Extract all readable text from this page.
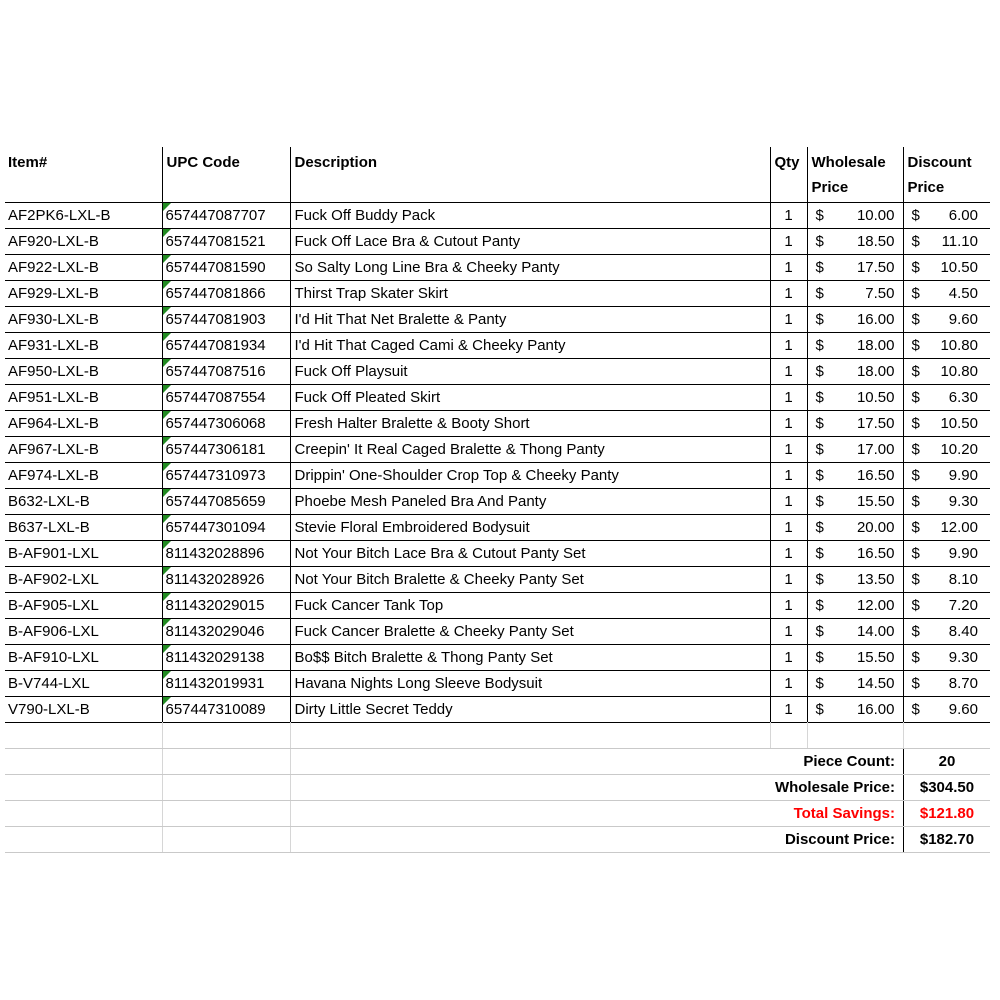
Item#	UPC Code	Description	Qty	Wholesale Price	Discount Price
AF2PK6-LXL-B	657447087707	Fuck Off Buddy Pack	1	$ 10.00	$ 6.00

AF920-LXL-B	657447081521	Fuck Off Lace Bra & Cutout Panty	1	$ 18.50	$ 11.10

AF922-LXL-B	657447081590	So Salty Long Line Bra & Cheeky Panty	1	$ 17.50	$ 10.50

AF929-LXL-B	657447081866	Thirst Trap Skater Skirt	1	$ 7.50	$ 4.50

AF930-LXL-B	657447081903	I'd Hit That Net Bralette & Panty	1	$ 16.00	$ 9.60

AF931-LXL-B	657447081934	I'd Hit That Caged Cami & Cheeky Panty	1	$ 18.00	$ 10.80

AF950-LXL-B	657447087516	Fuck Off Playsuit	1	$ 18.00	$ 10.80

AF951-LXL-B	657447087554	Fuck Off Pleated Skirt	1	$ 10.50	$ 6.30

AF964-LXL-B	657447306068	Fresh Halter Bralette & Booty Short	1	$ 17.50	$ 10.50

AF967-LXL-B	657447306181	Creepin' It Real Caged Bralette & Thong Panty	1	$ 17.00	$ 10.20

AF974-LXL-B	657447310973	Drippin' One-Shoulder Crop Top & Cheeky Panty	1	$ 16.50	$ 9.90

B632-LXL-B	657447085659	Phoebe Mesh Paneled Bra And Panty	1	$ 15.50	$ 9.30

B637-LXL-B	657447301094	Stevie Floral Embroidered Bodysuit	1	$ 20.00	$ 12.00

B-AF901-LXL	811432028896	Not Your Bitch Lace Bra & Cutout Panty Set	1	$ 16.50	$ 9.90

B-AF902-LXL	811432028926	Not Your Bitch Bralette & Cheeky Panty Set	1	$ 13.50	$ 8.10

B-AF905-LXL	811432029015	Fuck Cancer Tank Top	1	$ 12.00	$ 7.20

B-AF906-LXL	811432029046	Fuck Cancer Bralette & Cheeky Panty Set	1	$ 14.00	$ 8.40

B-AF910-LXL	811432029138	Bo$$ Bitch Bralette & Thong Panty Set	1	$ 15.50	$ 9.30

B-V744-LXL	811432019931	Havana Nights Long Sleeve Bodysuit	1	$ 14.50	$ 8.70

V790-LXL-B	657447310089	Dirty Little Secret Teddy	1	$ 16.00	$ 9.60
Piece Count:	20
Wholesale Price:	$304.50
Total Savings:	$121.80
Discount Price:	$182.70
